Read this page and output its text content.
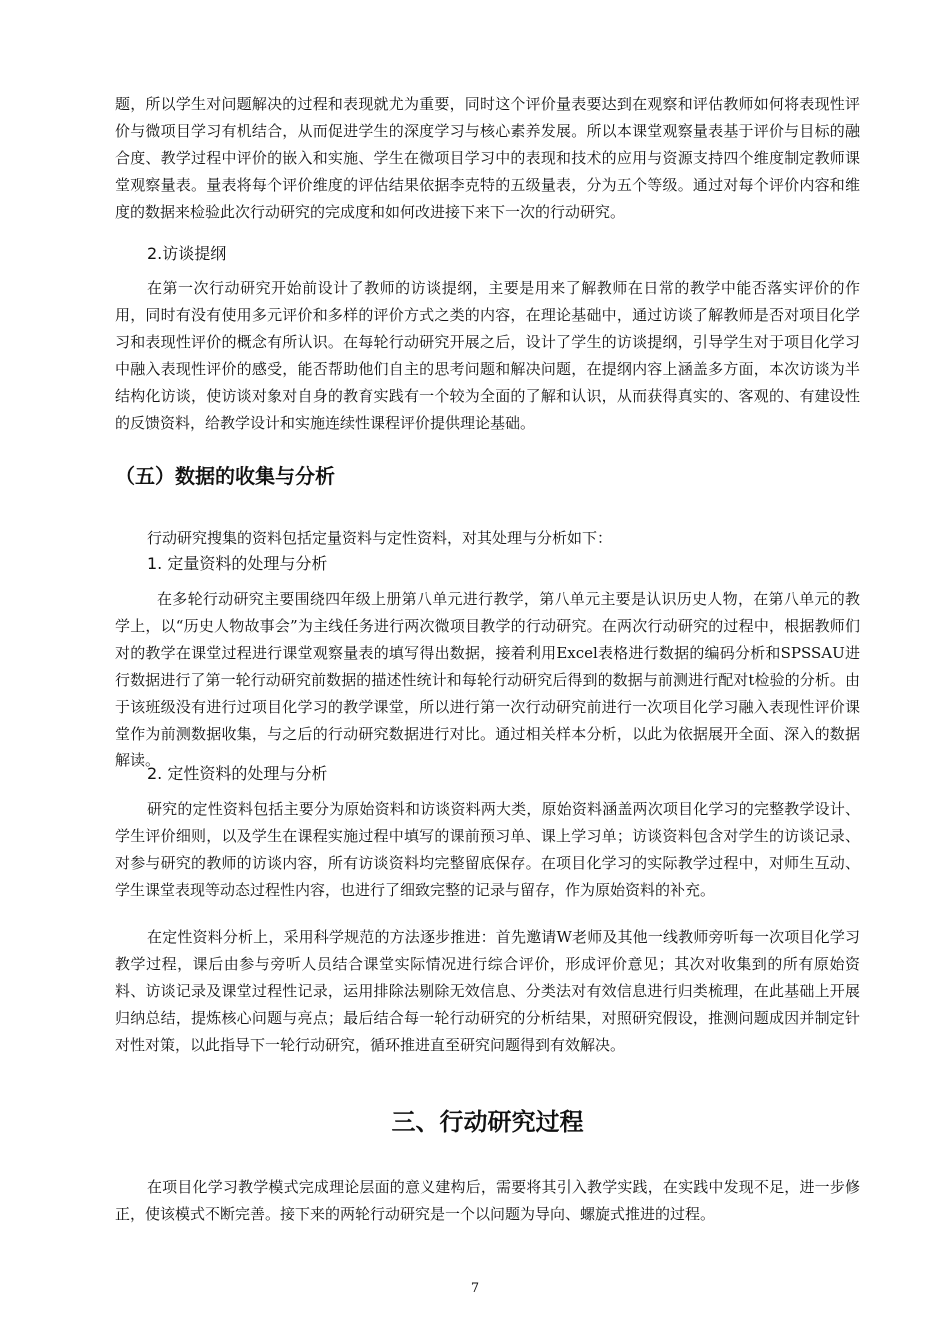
题，所以学生对问题解决的过程和表现就尤为重要，同时这个评价量表要达到在观察和评估教师如何将表现性评价与微项目学习有机结合，从而促进学生的深度学习与核心素养发展。所以本课堂观察量表基于评价与目标的融合度、教学过程中评价的嵌入和实施、学生在微项目学习中的表现和技术的应用与资源支持四个维度制定教师课堂观察量表。量表将每个评价维度的评估结果依据李克特的五级量表，分为五个等级。通过对每个评价内容和维度的数据来检验此次行动研究的完成度和如何改进接下来下一次的行动研究。

2.访谈提纲

在第一次行动研究开始前设计了教师的访谈提纲，主要是用来了解教师在日常的教学中能否落实评价的作用，同时有没有使用多元评价和多样的评价方式之类的内容，在理论基础中，通过访谈了解教师是否对项目化学习和表现性评价的概念有所认识。在每轮行动研究开展之后，设计了学生的访谈提纲，引导学生对于项目化学习中融入表现性评价的感受，能否帮助他们自主的思考问题和解决问题，在提纲内容上涵盖多方面，本次访谈为半结构化访谈，使访谈对象对自身的教育实践有一个较为全面的了解和认识，从而获得真实的、客观的、有建设性的反馈资料，给教学设计和实施连续性课程评价提供理论基础。

（五）数据的收集与分析

行动研究搜集的资料包括定量资料与定性资料，对其处理与分析如下：

1. 定量资料的处理与分析

在多轮行动研究主要围绕四年级上册第八单元进行教学，第八单元主要是认识历史人物，在第八单元的教学上，以“历史人物故事会”为主线任务进行两次微项目教学的行动研究。在两次行动研究的过程中，根据教师们对的教学在课堂过程进行课堂观察量表的填写得出数据，接着利用Excel表格进行数据的编码分析和SPSSAU进行数据进行了第一轮行动研究前数据的描述性统计和每轮行动研究后得到的数据与前测进行配对t检验的分析。由于该班级没有进行过项目化学习的教学课堂，所以进行第一次行动研究前进行一次项目化学习融入表现性评价课堂作为前测数据收集，与之后的行动研究数据进行对比。通过相关样本分析，以此为依据展开全面、深入的数据解读。

2. 定性资料的处理与分析

研究的定性资料包括主要分为原始资料和访谈资料两大类，原始资料涵盖两次项目化学习的完整教学设计、学生评价细则，以及学生在课程实施过程中填写的课前预习单、课上学习单；访谈资料包含对学生的访谈记录、对参与研究的教师的访谈内容，所有访谈资料均完整留底保存。在项目化学习的实际教学过程中，对师生互动、学生课堂表现等动态过程性内容，也进行了细致完整的记录与留存，作为原始资料的补充。

在定性资料分析上，采用科学规范的方法逐步推进：首先邀请W老师及其他一线教师旁听每一次项目化学习教学过程，课后由参与旁听人员结合课堂实际情况进行综合评价，形成评价意见；其次对收集到的所有原始资料、访谈记录及课堂过程性记录，运用排除法剔除无效信息、分类法对有效信息进行归类梳理，在此基础上开展归纳总结，提炼核心问题与亮点；最后结合每一轮行动研究的分析结果，对照研究假设，推测问题成因并制定针对性对策，以此指导下一轮行动研究，循环推进直至研究问题得到有效解决。

三、行动研究过程

在项目化学习教学模式完成理论层面的意义建构后，需要将其引入教学实践，在实践中发现不足，进一步修正，使该模式不断完善。接下来的两轮行动研究是一个以问题为导向、螺旋式推进的过程。

7
